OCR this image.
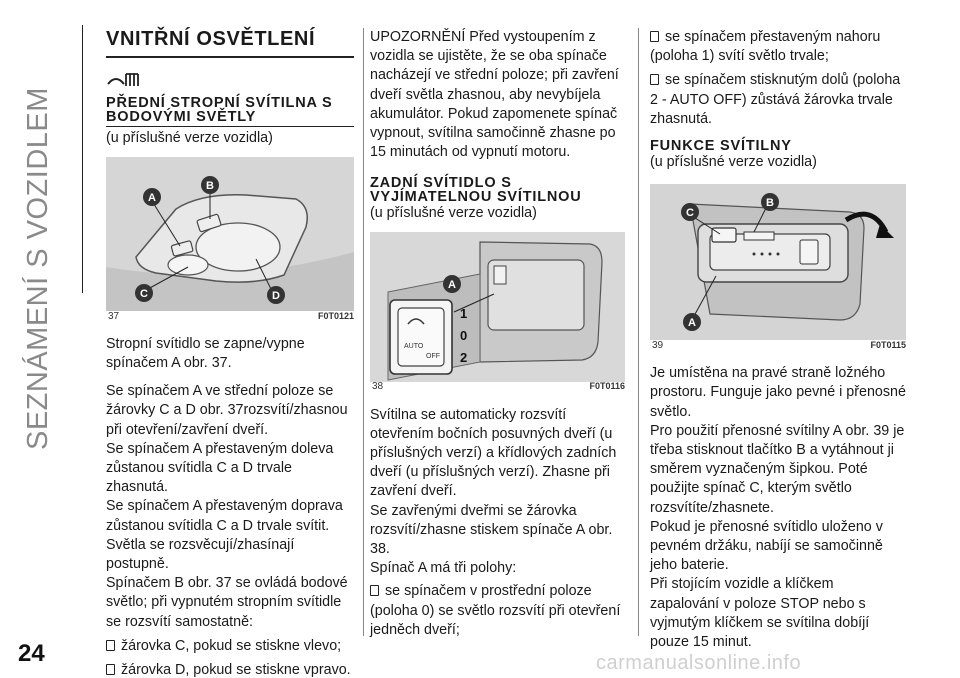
SEZNÁMENÍ S VOZIDLEM
24
VNITŘNÍ OSVĚTLENÍ
PŘEDNÍ STROPNÍ SVÍTILNA S BODOVÝMI SVĚTLY
(u příslušné verze vozidla)
A
B
C	D
37	F0T0121

Stropní svítidlo se zapne/vypne spínačem A obr. 37.

Se spínačem A ve střední poloze se žárovky C a D obr. 37rozsvítí/zhasnou při otevření/zavření dveří.

Se spínačem A přestaveným doleva zůstanou svítidla C a D trvale zhasnutá.

Se spínačem A přestaveným doprava zůstanou svítidla C a D trvale svítit.

Světla se rozsvěcují/zhasínají postupně.

Spínačem B obr. 37 se ovládá bodové světlo; při vypnutém stropním svítidle se rozsvítí samostatně:

žárovka C, pokud se stiskne vlevo;

žárovka D, pokud se stiskne vpravo.

UPOZORNĚNÍ Před vystoupením z vozidla se ujistěte, že se oba spínače nacházejí ve střední poloze; při zavření dveří světla zhasnou, aby nevybíjela akumulátor. Pokud zapomenete spínač vypnout, svítilna samočinně zhasne po 15 minutách od vypnutí motoru.

ZADNÍ SVÍTIDLO S VYJÍMATELNOU SVÍTILNOU
(u příslušné verze vozidla)
AUTO
OFF
A
1
0
2
38	F0T0116

Svítilna se automaticky rozsvítí otevřením bočních posuvných dveří (u příslušných verzí) a křídlových zadních dveří (u příslušných verzí). Zhasne při zavření dveří.

Se zavřenými dveřmi se žárovka rozsvítí/zhasne stiskem spínače A obr. 38.

Spínač A má tři polohy:

se spínačem v prostřední poloze (poloha 0) se světlo rozsvítí při otevření jedněch dveří;

se spínačem přestaveným nahoru (poloha 1) svítí světlo trvale;

se spínačem stisknutým dolů (poloha 2 - AUTO OFF) zůstává žárovka trvale zhasnutá.

FUNKCE SVÍTILNY
(u příslušné verze vozidla)
C
B
A
39	F0T0115

Je umístěna na pravé straně ložného prostoru. Funguje jako pevné i přenosné světlo.

Pro použití přenosné svítilny A obr. 39 je třeba stisknout tlačítko B a vytáhnout ji směrem vyznačeným šipkou. Poté použijte spínač C, kterým světlo rozsvítíte/zhasnete.

Pokud je přenosné svítidlo uloženo v pevném držáku, nabíjí se samočinně jeho baterie.

Při stojícím vozidle a klíčkem zapalování v poloze STOP nebo s vyjmutým klíčkem se svítilna dobíjí pouze 15 minut.

carmanualsonline.info
